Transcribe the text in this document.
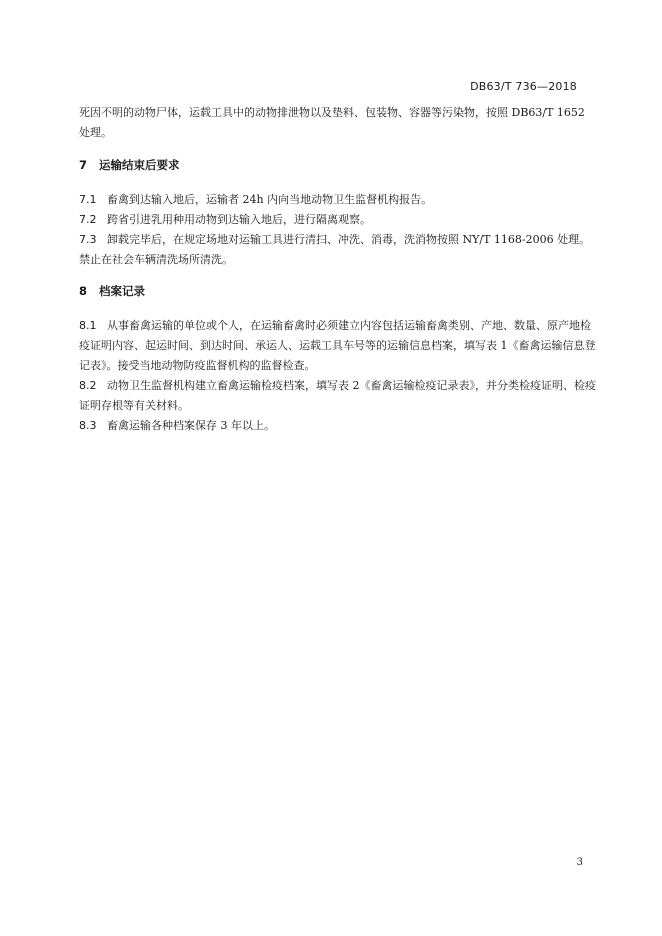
DB63/T 736—2018

死因不明的动物尸体，运载工具中的动物排泄物以及垫料、包装物、容器等污染物，按照 DB63/T 1652 处理。

7 运输结束后要求

7.1 畜禽到达输入地后，运输者 24h 内向当地动物卫生监督机构报告。

7.2 跨省引进乳用种用动物到达输入地后，进行隔离观察。

7.3 卸载完毕后，在规定场地对运输工具进行清扫、冲洗、消毒，洗消物按照 NY/T 1168-2006 处理。禁止在社会车辆清洗场所清洗。

8 档案记录

8.1 从事畜禽运输的单位或个人，在运输畜禽时必须建立内容包括运输畜禽类别、产地、数量、原产地检疫证明内容、起运时间、到达时间、承运人、运载工具车号等的运输信息档案，填写表 1《畜禽运输信息登记表》。接受当地动物防疫监督机构的监督检查。

8.2 动物卫生监督机构建立畜禽运输检疫档案，填写表 2《畜禽运输检疫记录表》，并分类检疫证明、检疫证明存根等有关材料。

8.3 畜禽运输各种档案保存 3 年以上。

3
